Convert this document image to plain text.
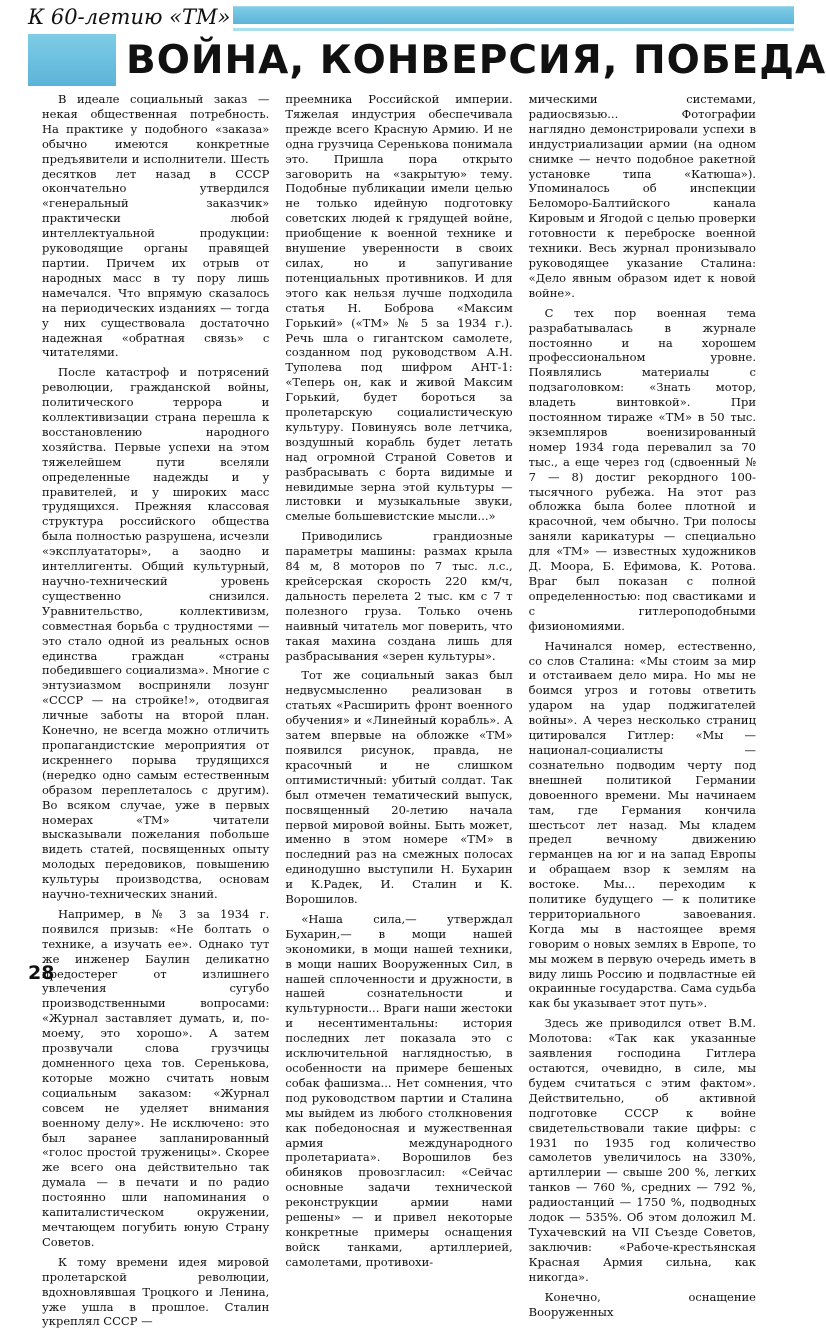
К 60-летию «ТМ»
ВОЙНА, КОНВЕРСИЯ, ПОБЕДА

В идеале социальный заказ — некая общественная потребность. На практике у подобного «заказа» обычно имеются конкретные предъявители и исполнители. Шесть десятков лет назад в СССР окончательно утвердился «генеральный заказчик» практически любой интеллектуальной продукции: руководящие органы правящей партии. Причем их отрыв от народных масс в ту пору лишь намечался. Что впрямую сказалось на периодических изданиях — тогда у них существовала достаточно надежная «обратная связь» с читателями.

После катастроф и потрясений революции, гражданской войны, политического террора и коллективизации страна перешла к восстановлению народного хозяйства. Первые успехи на этом тяжелейшем пути вселяли определенные надежды и у правителей, и у широких масс трудящихся. Прежняя классовая структура российского общества была полностью разрушена, исчезли «эксплуататоры», а заодно и интеллигенты. Общий культурный, научно-технический уровень существенно снизился. Уравнительство, коллективизм, совместная борьба с трудностями — это стало одной из реальных основ единства граждан «страны победившего социализма». Многие с энтузиазмом восприняли лозунг «СССР — на стройке!», отодвигая личные заботы на второй план. Конечно, не всегда можно отличить пропагандистские мероприятия от искреннего порыва трудящихся (нередко одно самым естественным образом переплеталось с другим). Во всяком случае, уже в первых номерах «ТМ» читатели высказывали пожелания побольше видеть статей, посвященных опыту молодых передовиков, повышению культуры производства, основам научно-технических знаний.

Например, в № 3 за 1934 г. появился призыв: «Не болтать о технике, а изучать ее». Однако тут же инженер Баулин деликатно предостерег от излишнего увлечения сугубо производственными вопросами: «Журнал заставляет думать, и, по-моему, это хорошо». А затем прозвучали слова грузчицы домненного цеха тов. Серенькова, которые можно считать новым социальным заказом: «Журнал совсем не уделяет внимания военному делу». Не исключено: это был заранее запланированный «голос простой труженицы». Скорее же всего она действительно так думала — в печати и по радио постоянно шли напоминания о капиталистическом окружении, мечтающем погубить юную Страну Советов.

К тому времени идея мировой пролетарской революции, вдохновлявшая Троцкого и Ленина, уже ушла в прошлое. Сталин укреплял СССР —

преемника Российской империи. Тяжелая индустрия обеспечивала прежде всего Красную Армию. И не одна грузчица Серенькова понимала это. Пришла пора открыто заговорить на «закрытую» тему. Подобные публикации имели целью не только идейную подготовку советских людей к грядущей войне, приобщение к военной технике и внушение уверенности в своих силах, но и запугивание потенциальных противников. И для этого как нельзя лучше подходила статья Н. Боброва «Максим Горький» («ТМ» № 5 за 1934 г.). Речь шла о гигантском самолете, созданном под руководством А.Н. Туполева под шифром АНТ-1: «Теперь он, как и живой Максим Горький, будет бороться за пролетарскую социалистическую культуру. Повинуясь воле летчика, воздушный корабль будет летать над огромной Страной Советов и разбрасывать с борта видимые и невидимые зерна этой культуры — листовки и музыкальные звуки, смелые большевистские мысли...»

Приводились грандиозные параметры машины: размах крыла 84 м, 8 моторов по 7 тыс. л.с., крейсерская скорость 220 км/ч, дальность перелета 2 тыс. км с 7 т полезного груза. Только очень наивный читатель мог поверить, что такая махина создана лишь для разбрасывания «зерен культуры».

Тот же социальный заказ был недвусмысленно реализован в статьях «Расширить фронт военного обучения» и «Линейный корабль». А затем впервые на обложке «ТМ» появился рисунок, правда, не красочный и не слишком оптимистичный: убитый солдат. Так был отмечен тематический выпуск, посвященный 20-летию начала первой мировой войны. Быть может, именно в этом номере «ТМ» в последний раз на смежных полосах единодушно выступили Н. Бухарин и К.Радек, И. Сталин и К. Ворошилов.

«Наша сила,— утверждал Бухарин,— в мощи нашей экономики, в мощи нашей техники, в мощи наших Вооруженных Сил, в нашей сплоченности и дружности, в нашей сознательности и культурности... Враги наши жестоки и несентиментальны: история последних лет показала это с исключительной наглядностью, в особенности на примере бешеных собак фашизма... Нет сомнения, что под руководством партии и Сталина мы выйдем из любого столкновения как победоносная и мужественная армия международного пролетариата». Ворошилов без обиняков провозгласил: «Сейчас основные задачи технической реконструкции армии нами решены» — и привел некоторые конкретные примеры оснащения войск танками, артиллерией, самолетами, противохи-

мическими системами, радиосвязью... Фотографии наглядно демонстрировали успехи в индустриализации армии (на одном снимке — нечто подобное ракетной установке типа «Катюша»). Упоминалось об инспекции Беломоро-Балтийского канала Кировым и Ягодой с целью проверки готовности к переброске военной техники. Весь журнал пронизывало руководящее указание Сталина: «Дело явным образом идет к новой войне».

С тех пор военная тема разрабатывалась в журнале постоянно и на хорошем профессиональном уровне. Появлялись материалы с подзаголовком: «Знать мотор, владеть винтовкой». При постоянном тираже «ТМ» в 50 тыс. экземпляров военизированный номер 1934 года перевалил за 70 тыс., а еще через год (сдвоенный № 7 — 8) достиг рекордного 100-тысячного рубежа. На этот раз обложка была более плотной и красочной, чем обычно. Три полосы заняли карикатуры — специально для «ТМ» — известных художников Д. Моора, Б. Ефимова, К. Ротова. Враг был показан с полной определенностью: под свастиками и с гитлероподобными физиономиями.

Начинался номер, естественно, со слов Сталина: «Мы стоим за мир и отстаиваем дело мира. Но мы не боимся угроз и готовы ответить ударом на удар поджигателей войны». А через несколько страниц цитировался Гитлер: «Мы — национал-социалисты — сознательно подводим черту под внешней политикой Германии довоенного времени. Мы начинаем там, где Германия кончила шестьсот лет назад. Мы кладем предел вечному движению германцев на юг и на запад Европы и обращаем взор к землям на востоке. Мы... переходим к политике будущего — к политике территориального завоевания. Когда мы в настоящее время говорим о новых землях в Европе, то мы можем в первую очередь иметь в виду лишь Россию и подвластные ей окраинные государства. Сама судьба как бы указывает этот путь».

Здесь же приводился ответ В.М. Молотова: «Так как указанные заявления господина Гитлера остаются, очевидно, в силе, мы будем считаться с этим фактом». Действительно, об активной подготовке СССР к войне свидетельствовали такие цифры: с 1931 по 1935 год количество самолетов увеличилось на 330%, артиллерии — свыше 200 %, легких танков — 760 %, средних — 792 %, радиостанций — 1750 %, подводных лодок — 535%. Об этом доложил М. Тухачевский на VII Съезде Советов, заключив: «Рабоче-крестьянская Красная Армия сильна, как никогда».

Конечно, оснащение Вооруженных

28
